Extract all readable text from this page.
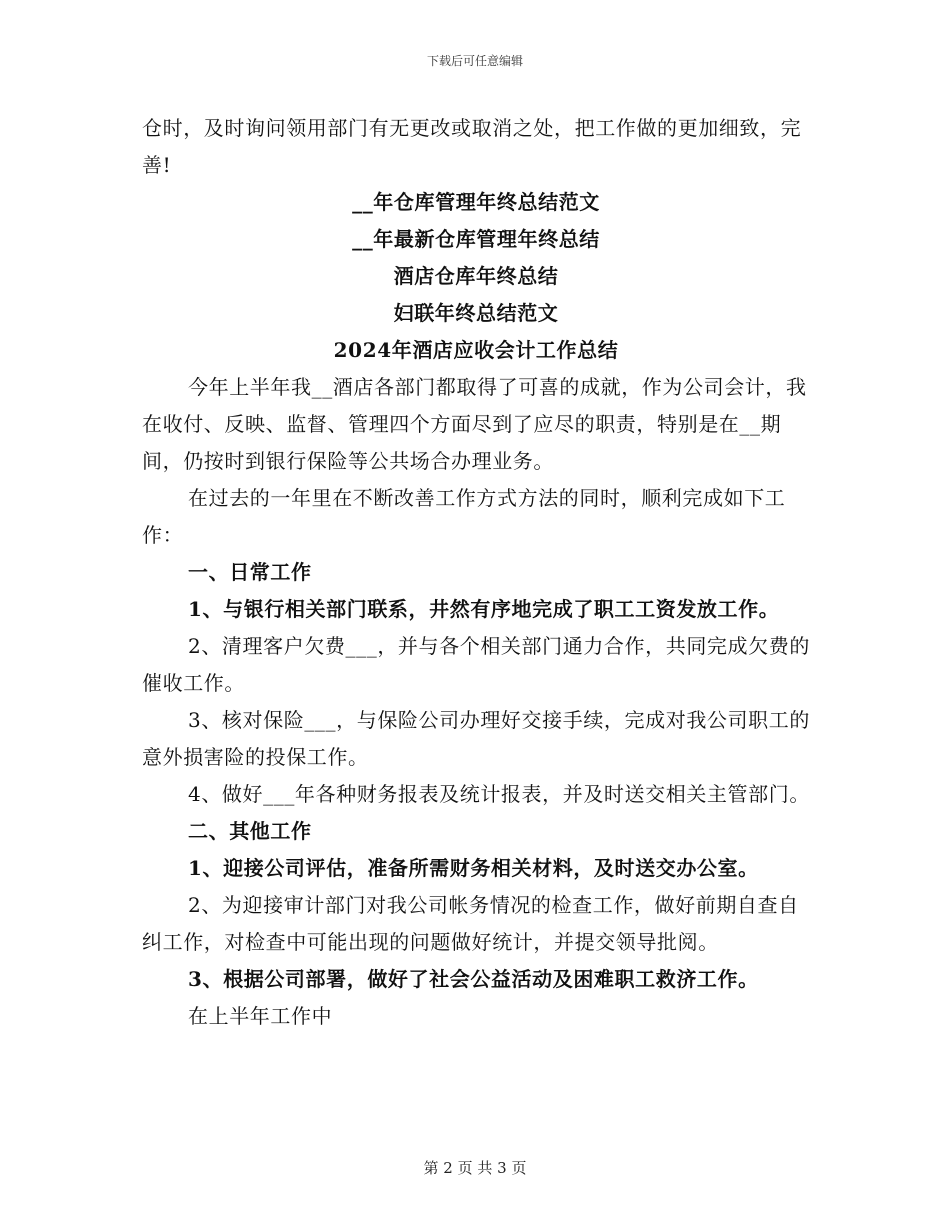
下载后可任意编辑

仓时，及时询问领用部门有无更改或取消之处，把工作做的更加细致，完善!

__年仓库管理年终总结范文

__年最新仓库管理年终总结

酒店仓库年终总结

妇联年终总结范文

2024年酒店应收会计工作总结

今年上半年我__酒店各部门都取得了可喜的成就，作为公司会计，我在收付、反映、监督、管理四个方面尽到了应尽的职责，特别是在__期间，仍按时到银行保险等公共场合办理业务。

在过去的一年里在不断改善工作方式方法的同时，顺利完成如下工作：

一、日常工作

1、与银行相关部门联系，井然有序地完成了职工工资发放工作。

2、清理客户欠费___，并与各个相关部门通力合作，共同完成欠费的催收工作。

3、核对保险___，与保险公司办理好交接手续，完成对我公司职工的意外损害险的投保工作。

4、做好___年各种财务报表及统计报表，并及时送交相关主管部门。

二、其他工作

1、迎接公司评估，准备所需财务相关材料，及时送交办公室。

2、为迎接审计部门对我公司帐务情况的检查工作，做好前期自查自纠工作，对检查中可能出现的问题做好统计，并提交领导批阅。

3、根据公司部署，做好了社会公益活动及困难职工救济工作。

在上半年工作中

第 2 页 共 3 页
